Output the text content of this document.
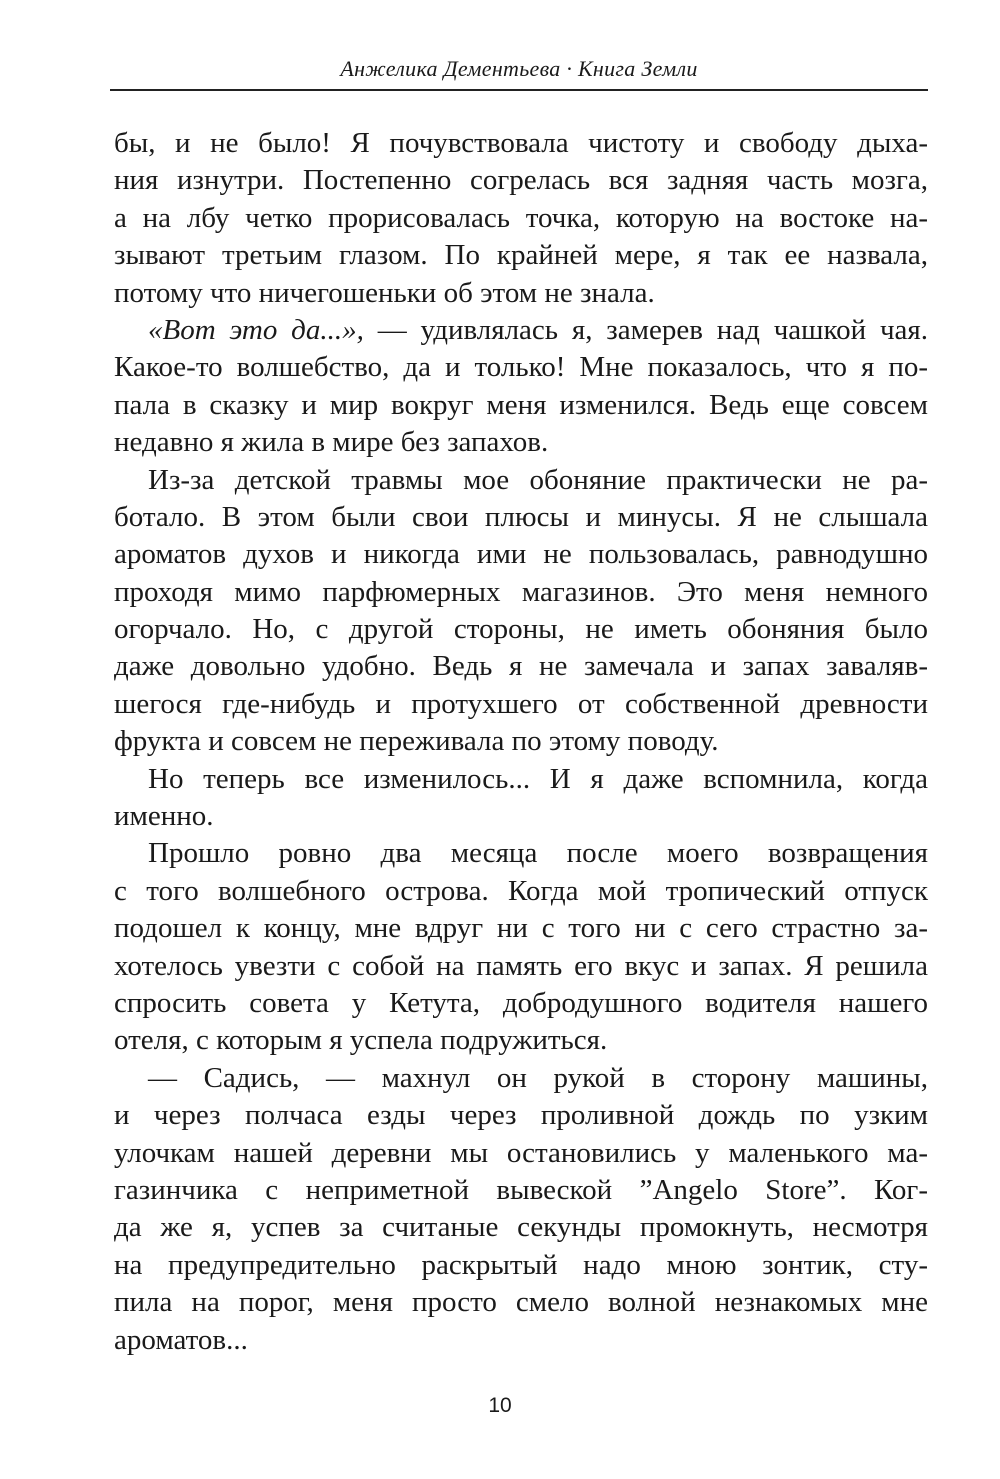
Анжелика Дементьева · Книга Земли
бы, и не было! Я почувствовала чистоту и свободу дыха-
ния изнутри. Постепенно согрелась вся задняя часть мозга,
а на лбу четко прорисовалась точка, которую на востоке на-
зывают третьим глазом. По крайней мере, я так ее назвала,
потому что ничегошеньки об этом не знала.
«Вот это да...», — удивлялась я, замерев над чашкой чая.
Какое-то волшебство, да и только! Мне показалось, что я по-
пала в сказку и мир вокруг меня изменился. Ведь еще совсем
недавно я жила в мире без запахов.
Из-за детской травмы мое обоняние практически не ра-
ботало. В этом были свои плюсы и минусы. Я не слышала
ароматов духов и никогда ими не пользовалась, равнодушно
проходя мимо парфюмерных магазинов. Это меня немного
огорчало. Но, с другой стороны, не иметь обоняния было
даже довольно удобно. Ведь я не замечала и запах заваляв-
шегося где-нибудь и протухшего от собственной древности
фрукта и совсем не переживала по этому поводу.
Но теперь все изменилось... И я даже вспомнила, когда
именно.
Прошло ровно два месяца после моего возвращения
с того волшебного острова. Когда мой тропический отпуск
подошел к концу, мне вдруг ни с того ни с сего страстно за-
хотелось увезти с собой на память его вкус и запах. Я решила
спросить совета у Кетута, добродушного водителя нашего
отеля, с которым я успела подружиться.
— Садись, — махнул он рукой в сторону машины,
и через полчаса езды через проливной дождь по узким
улочкам нашей деревни мы остановились у маленького ма-
газинчика с неприметной вывеской ”Angelo Store”. Ког-
да же я, успев за считаные секунды промокнуть, несмотря
на предупредительно раскрытый надо мною зонтик, сту-
пила на порог, меня просто смело волной незнакомых мне
ароматов...
10
